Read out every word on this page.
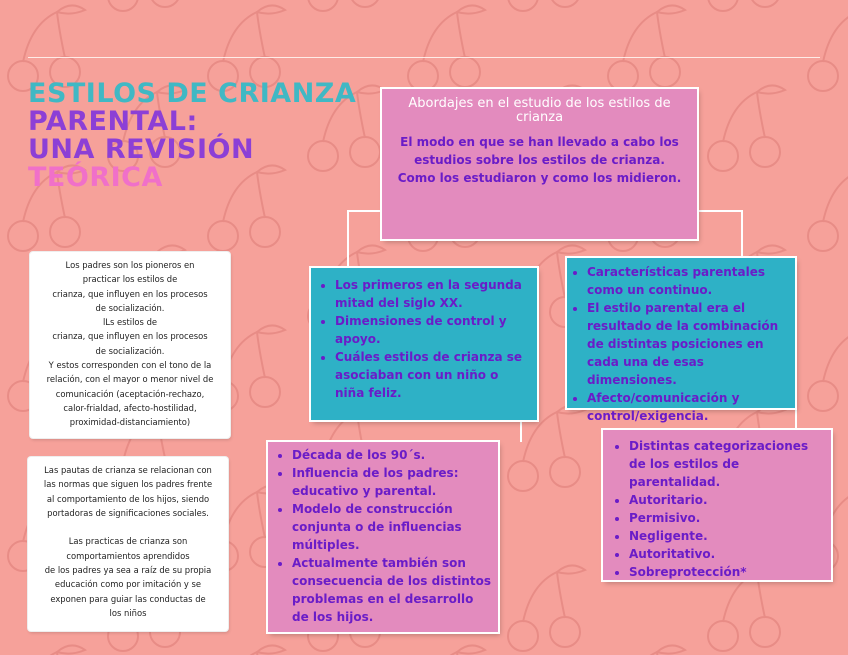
ESTILOS DE CRIANZA
PARENTAL:
UNA REVISIÓN
TEÓRICA

Abordajes en el estudio de los estilos de crianza

El modo en que se han llevado a cabo los
estudios sobre los estilos de crianza.
Como los estudiaron y como los midieron.

• Los primeros en la segunda mitad del siglo XX.
• Dimensiones de control y apoyo.
• Cuáles estilos de crianza se asociaban con un niño o niña feliz.
• Características parentales como un continuo.
• El estilo parental era el resultado de la combinación de distintas posiciones en cada una de esas dimensiones.
• Afecto/comunicación y control/exigencia.
• Década de los 90´s.
• Influencia de los padres: educativo y parental.
• Modelo de construcción conjunta o de influencias múltiples.
• Actualmente también son consecuencia de los distintos problemas en el desarrollo de los hijos.
• Distintas categorizaciones de los estilos de parentalidad.
• Autoritario.
• Permisivo.
• Negligente.
• Autoritativo.
• Sobreprotección*

Los padres son los pioneros en
practicar los estilos de
crianza, que influyen en los procesos
de socialización.
lLs estilos de
crianza, que influyen en los procesos
de socialización.
Y estos corresponden con el tono de la
relación, con el mayor o menor nivel de
comunicación (aceptación-rechazo,
calor-frialdad, afecto-hostilidad,
proximidad-distanciamiento)

Las pautas de crianza se relacionan con
las normas que siguen los padres frente
al comportamiento de los hijos, siendo
portadoras de significaciones sociales.

Las practicas de crianza son
comportamientos aprendidos
de los padres ya sea a raíz de su propia
educación como por imitación y se
exponen para guiar las conductas de
los niños
